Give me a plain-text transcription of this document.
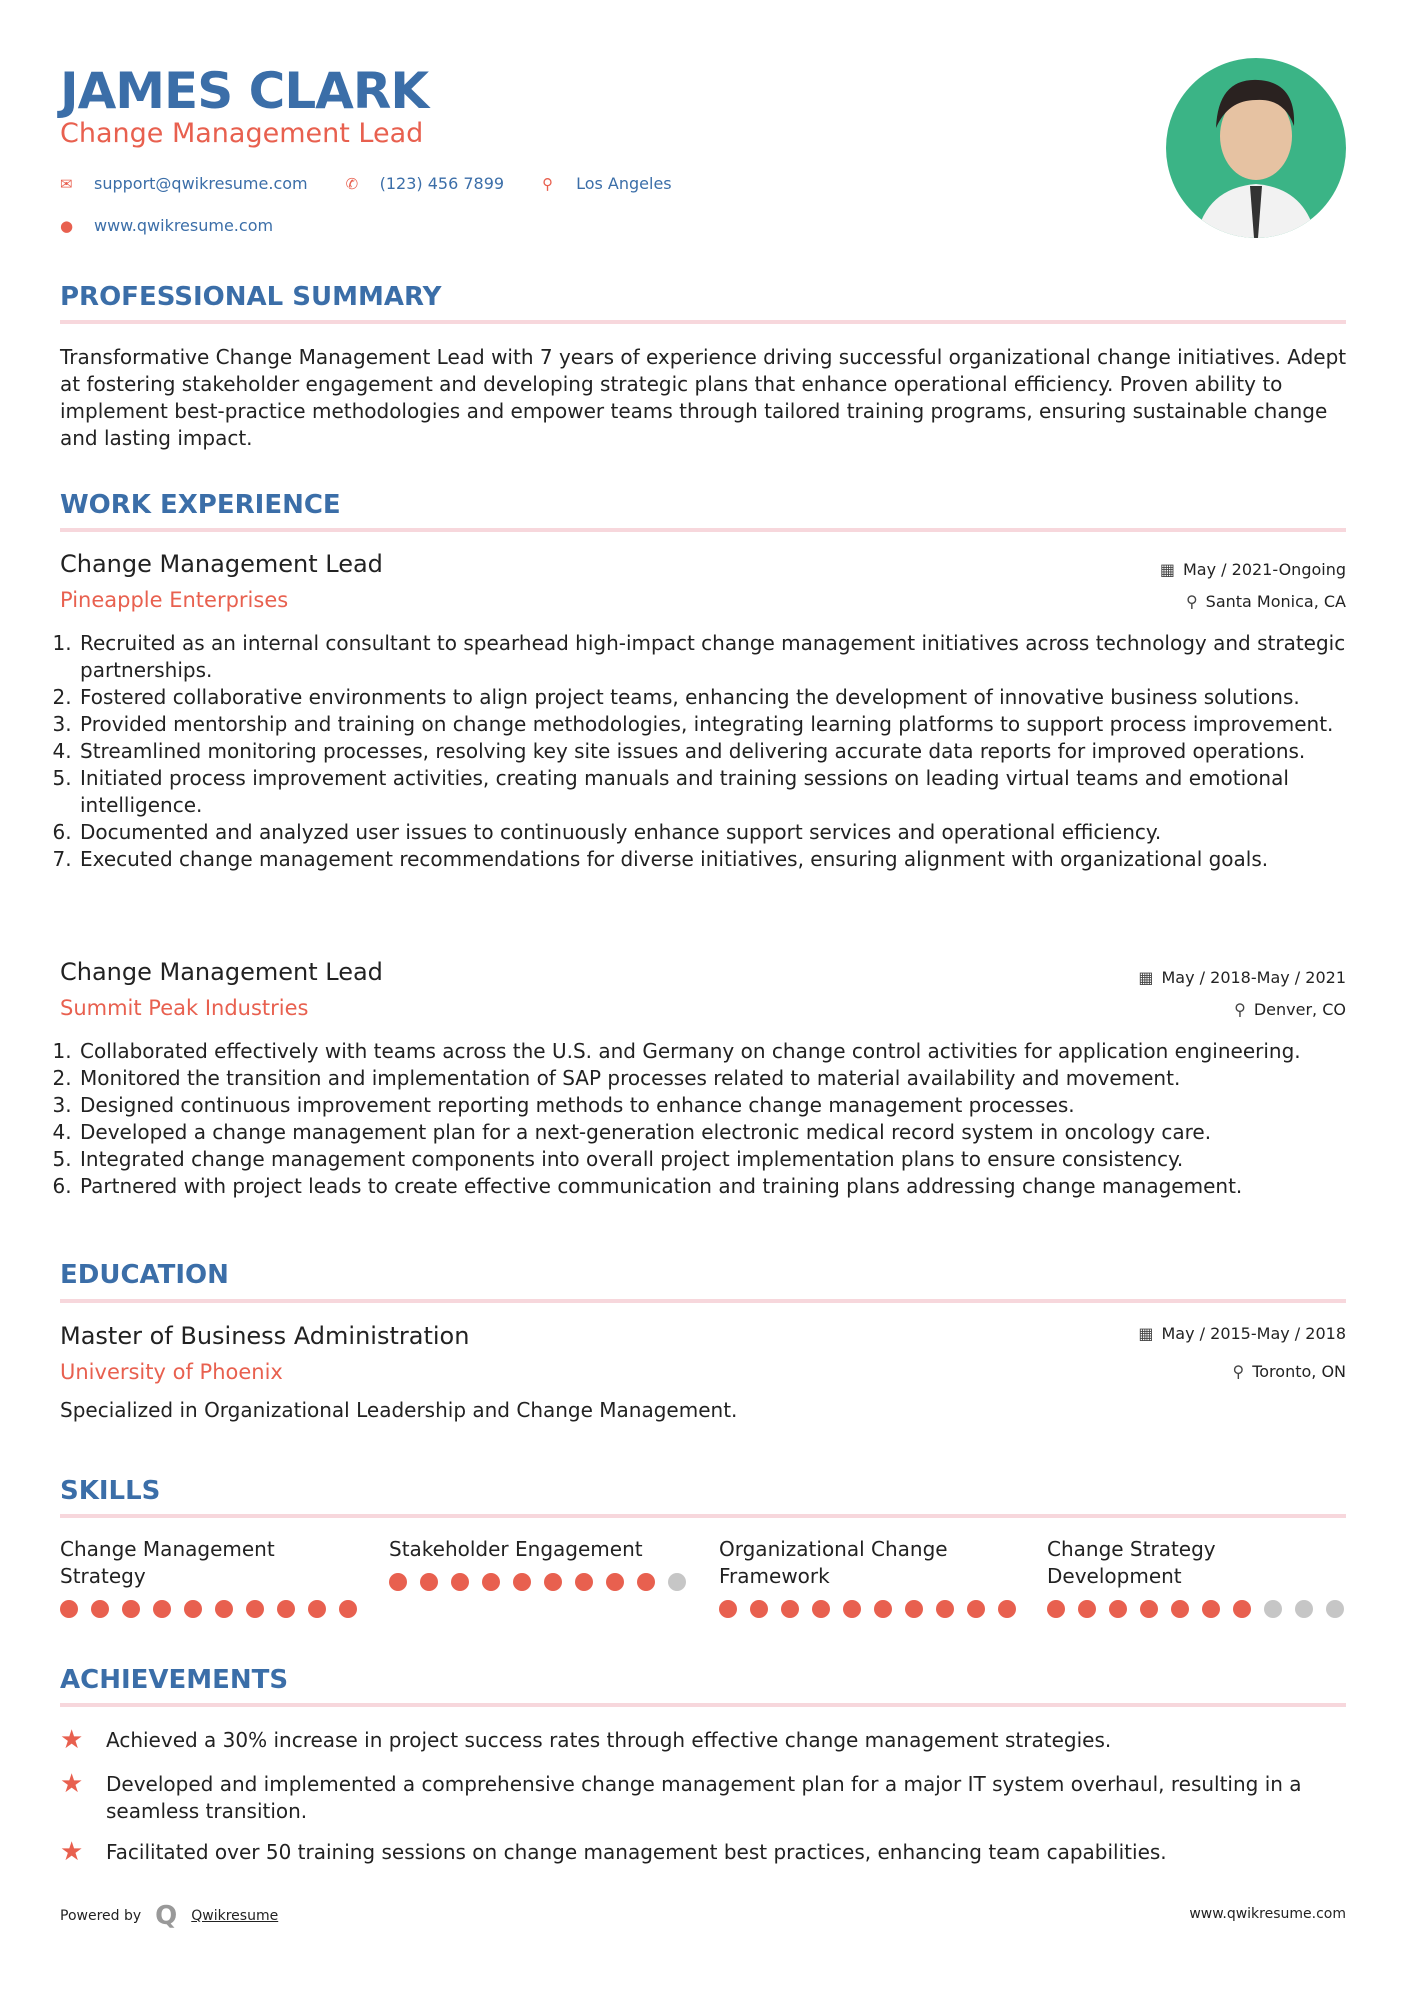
JAMES CLARK
Change Management Lead
✉	support@qwikresume.com	✆	(123) 456 7899	⚲	Los Angeles
●	www.qwikresume.com
PROFESSIONAL SUMMARY
Transformative Change Management Lead with 7 years of experience driving successful organizational change initiatives. Adept at fostering stakeholder engagement and developing strategic plans that enhance operational efficiency. Proven ability to implement best-practice methodologies and empower teams through tailored training programs, ensuring sustainable change and lasting impact.
WORK EXPERIENCE
Change Management Lead
Pineapple Enterprises
▦ May / 2021-Ongoing
⚲ Santa Monica, CA
1. Recruited as an internal consultant to spearhead high-impact change management initiatives across technology and strategic partnerships.
2. Fostered collaborative environments to align project teams, enhancing the development of innovative business solutions.
3. Provided mentorship and training on change methodologies, integrating learning platforms to support process improvement.
4. Streamlined monitoring processes, resolving key site issues and delivering accurate data reports for improved operations.
5. Initiated process improvement activities, creating manuals and training sessions on leading virtual teams and emotional intelligence.
6. Documented and analyzed user issues to continuously enhance support services and operational efficiency.
7. Executed change management recommendations for diverse initiatives, ensuring alignment with organizational goals.
Change Management Lead
Summit Peak Industries
▦ May / 2018-May / 2021
⚲ Denver, CO
1. Collaborated effectively with teams across the U.S. and Germany on change control activities for application engineering.
2. Monitored the transition and implementation of SAP processes related to material availability and movement.
3. Designed continuous improvement reporting methods to enhance change management processes.
4. Developed a change management plan for a next-generation electronic medical record system in oncology care.
5. Integrated change management components into overall project implementation plans to ensure consistency.
6. Partnered with project leads to create effective communication and training plans addressing change management.
EDUCATION
Master of Business Administration
University of Phoenix
▦ May / 2015-May / 2018
⚲ Toronto, ON
Specialized in Organizational Leadership and Change Management.
SKILLS
Change Management Strategy
Stakeholder Engagement	Organizational Change Framework
Change Strategy Development
ACHIEVEMENTS
★	Achieved a 30% increase in project success rates through effective change management strategies.
★	Developed and implemented a comprehensive change management plan for a major IT system overhaul, resulting in a seamless transition.
★	Facilitated over 50 training sessions on change management best practices, enhancing team capabilities.
Powered by Q Qwikresume	www.qwikresume.com
